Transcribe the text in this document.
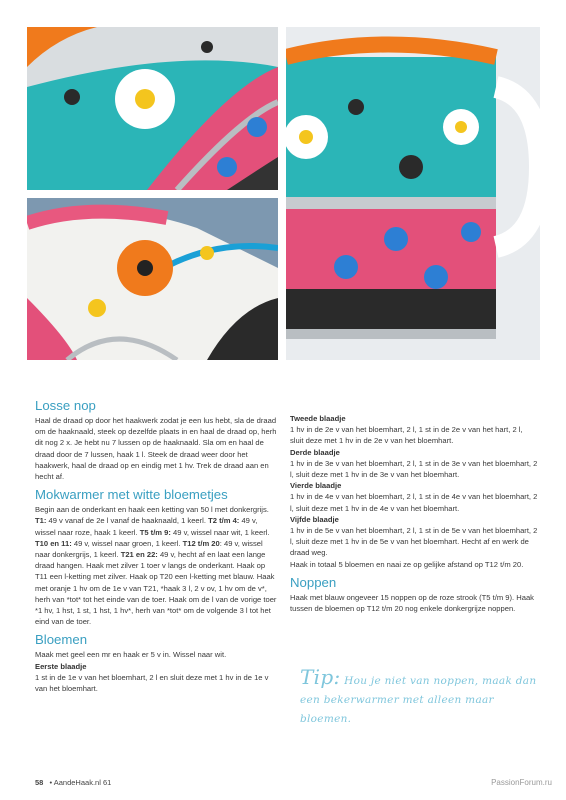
Losse nop

Haal de draad op door het haakwerk zodat je een lus hebt, sla de draad om de haaknaald, steek op dezelfde plaats in en haal de draad op, herh dit nog 2 x. Je hebt nu 7 lussen op de haaknaald. Sla om en haal de draad door de 7 lussen, haak 1 l. Steek de draad weer door het haakwerk, haal de draad op en eindig met 1 hv. Trek de draad aan en hecht af.

Mokwarmer met witte bloemetjes

Begin aan de onderkant en haak een ketting van 50 l met donkergrijs. T1: 49 v vanaf de 2e l vanaf de haaknaald, 1 keerl. T2 t/m 4: 49 v, wissel naar roze, haak 1 keerl. T5 t/m 9: 49 v, wissel naar wit, 1 keerl. T10 en 11: 49 v, wissel naar groen, 1 keerl. T12 t/m 20: 49 v, wissel naar donkergrijs, 1 keerl. T21 en 22: 49 v, hecht af en laat een lange draad hangen. Haak met zilver 1 toer v langs de onderkant. Haak op T11 een l-ketting met zilver. Haak op T20 een l-ketting met blauw. Haak met oranje 1 hv om de 1e v van T21, *haak 3 l, 2 v ov, 1 hv om de v*, herh van *tot* tot het einde van de toer. Haak om de l van de vorige toer *1 hv, 1 hst, 1 st, 1 hst, 1 hv*, herh van *tot* om de volgende 3 l tot het eind van de toer.

Bloemen

Maak met geel een mr en haak er 5 v in. Wissel naar wit.

Eerste blaadje

1 st in de 1e v van het bloemhart, 2 l en sluit deze met 1 hv in de 1e v van het bloemhart.

Tweede blaadje

1 hv in de 2e v van het bloemhart, 2 l, 1 st in de 2e v van het hart, 2 l, sluit deze met 1 hv in de 2e v van het bloemhart.

Derde blaadje

1 hv in de 3e v van het bloemhart, 2 l, 1 st in de 3e v van het bloemhart, 2 l, sluit deze met 1 hv in de 3e v van het bloemhart.

Vierde blaadje

1 hv in de 4e v van het bloemhart, 2 l, 1 st in de 4e v van het bloemhart, 2 l, sluit deze met 1 hv in de 4e v van het bloemhart.

Vijfde blaadje

1 hv in de 5e v van het bloemhart, 2 l, 1 st in de 5e v van het bloemhart, 2 l, sluit deze met 1 hv in de 5e v van het bloemhart. Hecht af en werk de draad weg.

Haak in totaal 5 bloemen en naai ze op gelijke afstand op T12 t/m 20.

Noppen

Haak met blauw ongeveer 15 noppen op de roze strook (T5 t/m 9). Haak tussen de bloemen op T12 t/m 20 nog enkele donkergrijze noppen.

Tip: Hou je niet van noppen, maak dan een bekerwarmer met alleen maar bloemen.
58 • AandeHaak.nl 61	PassionForum.ru
